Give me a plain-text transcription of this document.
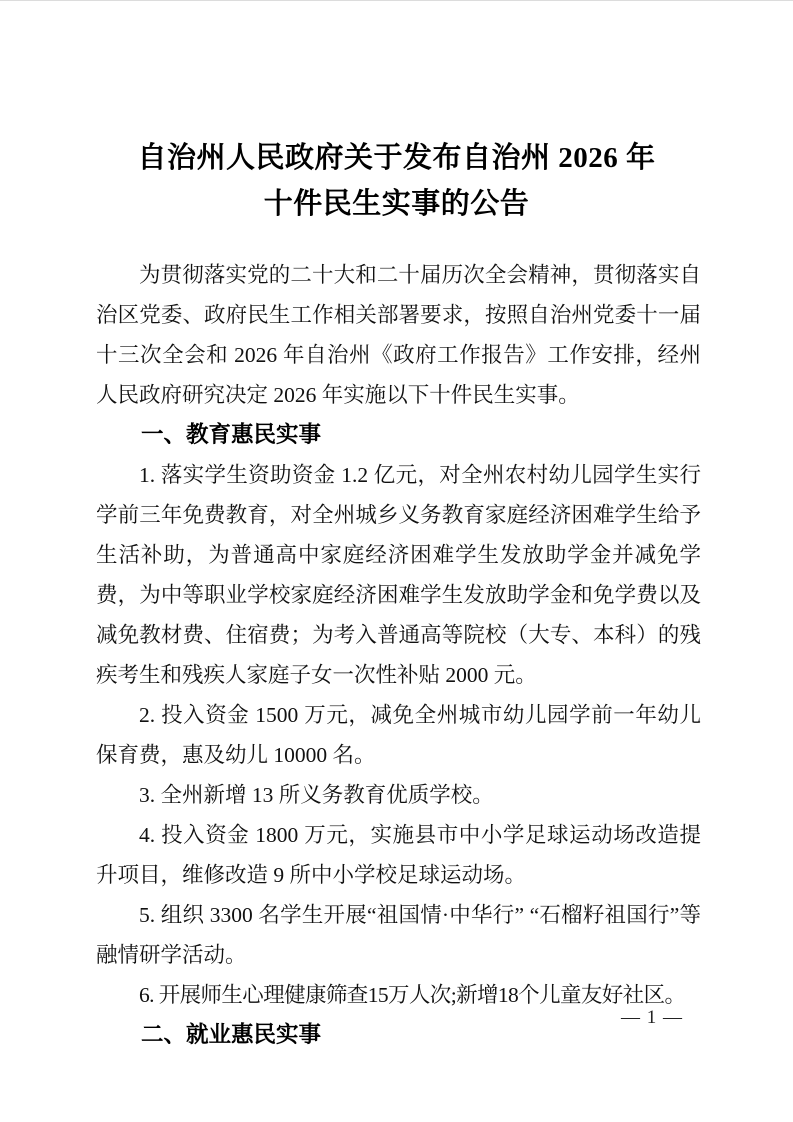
自治州人民政府关于发布自治州 2026 年
十件民生实事的公告

为贯彻落实党的二十大和二十届历次全会精神，贯彻落实自治区党委、政府民生工作相关部署要求，按照自治州党委十一届十三次全会和 2026 年自治州《政府工作报告》工作安排，经州人民政府研究决定 2026 年实施以下十件民生实事。

一、教育惠民实事

1. 落实学生资助资金 1.2 亿元，对全州农村幼儿园学生实行学前三年免费教育，对全州城乡义务教育家庭经济困难学生给予生活补助，为普通高中家庭经济困难学生发放助学金并减免学费，为中等职业学校家庭经济困难学生发放助学金和免学费以及减免教材费、住宿费；为考入普通高等院校（大专、本科）的残疾考生和残疾人家庭子女一次性补贴 2000 元。

2. 投入资金 1500 万元，减免全州城市幼儿园学前一年幼儿保育费，惠及幼儿 10000 名。

3. 全州新增 13 所义务教育优质学校。

4. 投入资金 1800 万元，实施县市中小学足球运动场改造提升项目，维修改造 9 所中小学校足球运动场。

5. 组织 3300 名学生开展“祖国情·中华行” “石榴籽祖国行”等融情研学活动。

6. 开展师生心理健康筛查15万人次;新增18个儿童友好社区。

二、就业惠民实事

— 1 —
